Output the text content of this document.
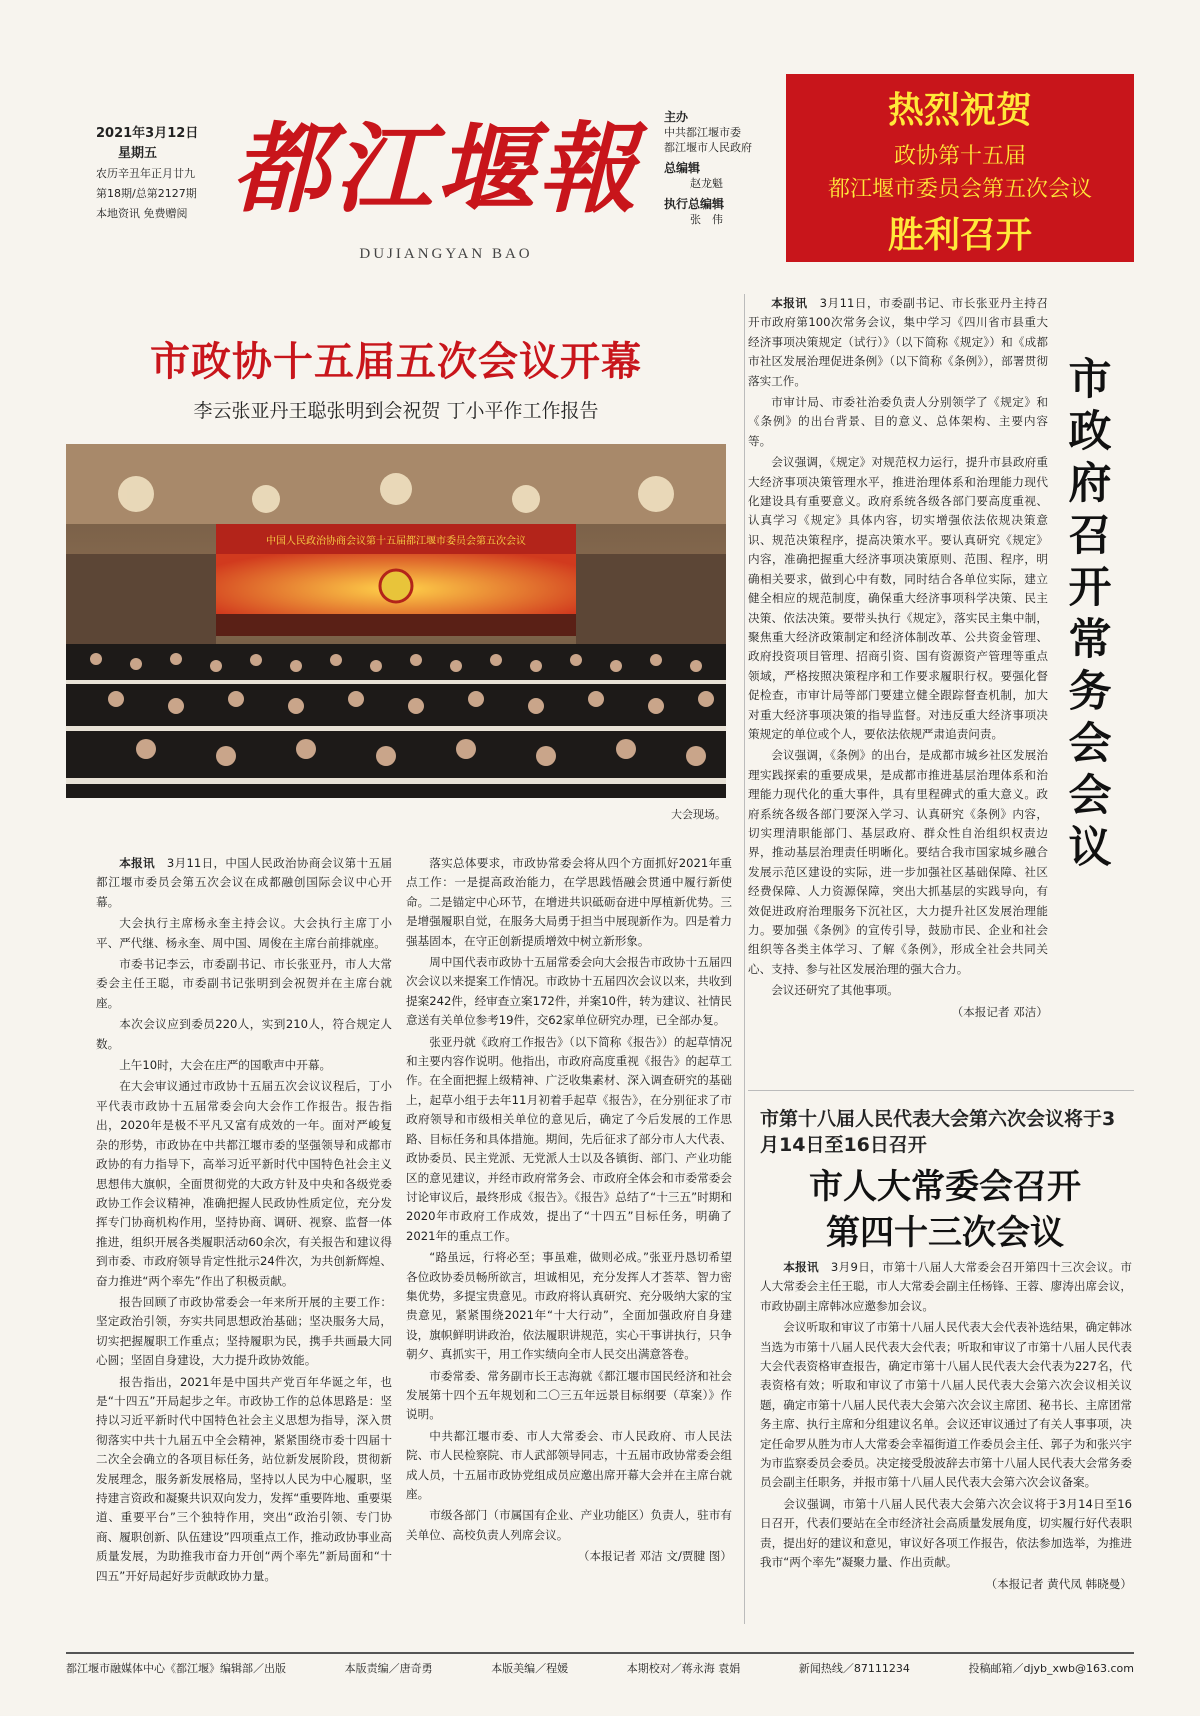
2021年3月12日
星期五
农历辛丑年正月廿九
第18期/总第2127期
本地资讯 免费赠阅 都江堰報
DUJIANGYAN BAO
主办
中共都江堰市委
都江堰市人民政府
总编辑
赵龙魁
执行总编辑
张　伟
热烈祝贺
政协第十五届
都江堰市委员会第五次会议
胜利召开
市政协十五届五次会议开幕
李云张亚丹王聪张明到会祝贺 丁小平作工作报告
中国人民政治协商会议第十五届都江堰市委员会第五次会议
大会现场。

本报讯　 3月11日，中国人民政治协商会议第十五届都江堰市委员会第五次会议在成都融创国际会议中心开幕。

大会执行主席杨永奎主持会议。大会执行主席丁小平、严代继、杨永奎、周中国、周俊在主席台前排就座。

市委书记李云，市委副书记、市长张亚丹，市人大常委会主任王聪，市委副书记张明到会祝贺并在主席台就座。

本次会议应到委员220人，实到210人，符合规定人数。

上午10时，大会在庄严的国歌声中开幕。

在大会审议通过市政协十五届五次会议议程后，丁小平代表市政协十五届常委会向大会作工作报告。报告指出，2020年是极不平凡又富有成效的一年。面对严峻复杂的形势，市政协在中共都江堰市委的坚强领导和成都市政协的有力指导下，高举习近平新时代中国特色社会主义思想伟大旗帜，全面贯彻党的大政方针及中央和各级党委政协工作会议精神，准确把握人民政协性质定位，充分发挥专门协商机构作用，坚持协商、调研、视察、监督一体推进，组织开展各类履职活动60余次，有关报告和建议得到市委、市政府领导肯定性批示24件次，为共创新辉煌、奋力推进“两个率先”作出了积极贡献。

报告回顾了市政协常委会一年来所开展的主要工作：坚定政治引领，夯实共同思想政治基础；坚决服务大局，切实把握履职工作重点；坚持履职为民，携手共画最大同心圆；坚固自身建设，大力提升政协效能。

报告指出，2021年是中国共产党百年华诞之年，也是“十四五”开局起步之年。市政协工作的总体思路是：坚持以习近平新时代中国特色社会主义思想为指导，深入贯彻落实中共十九届五中全会精神，紧紧围绕市委十四届十二次全会确立的各项目标任务，站位新发展阶段，贯彻新发展理念，服务新发展格局，坚持以人民为中心履职，坚持建言资政和凝聚共识双向发力，发挥“重要阵地、重要渠道、重要平台”三个独特作用，突出“政治引领、专门协商、履职创新、队伍建设”四项重点工作，推动政协事业高质量发展，为助推我市奋力开创“两个率先”新局面和“十四五”开好局起好步贡献政协力量。

落实总体要求，市政协常委会将从四个方面抓好2021年重点工作：一是提高政治能力，在学思践悟融会贯通中履行新使命。二是锚定中心环节，在增进共识砥砺奋进中厚植新优势。三是增强履职自觉，在服务大局勇于担当中展现新作为。四是着力强基固本，在守正创新提质增效中树立新形象。

周中国代表市政协十五届常委会向大会报告市政协十五届四次会议以来提案工作情况。市政协十五届四次会议以来，共收到提案242件，经审查立案172件，并案10件，转为建议、社情民意送有关单位参考19件，交62家单位研究办理，已全部办复。

张亚丹就《政府工作报告》（以下简称《报告》）的起草情况和主要内容作说明。他指出，市政府高度重视《报告》的起草工作。在全面把握上级精神、广泛收集素材、深入调查研究的基础上，起草小组于去年11月初着手起草《报告》，在分别征求了市政府领导和市级相关单位的意见后，确定了今后发展的工作思路、目标任务和具体措施。期间，先后征求了部分市人大代表、政协委员、民主党派、无党派人士以及各镇街、部门、产业功能区的意见建议，并经市政府常务会、市政府全体会和市委常委会讨论审议后，最终形成《报告》。《报告》总结了“十三五”时期和2020年市政府工作成效，提出了“十四五”目标任务，明确了2021年的重点工作。

“路虽远，行将必至；事虽难，做则必成。”张亚丹恳切希望各位政协委员畅所欲言，坦诚相见，充分发挥人才荟萃、智力密集优势，多提宝贵意见。市政府将认真研究、充分吸纳大家的宝贵意见，紧紧围绕2021年“十大行动”，全面加强政府自身建设，旗帜鲜明讲政治，依法履职讲规范，实心干事讲执行，只争朝夕、真抓实干，用工作实绩向全市人民交出满意答卷。

市委常委、常务副市长王志海就《都江堰市国民经济和社会发展第十四个五年规划和二〇三五年远景目标纲要（草案）》作说明。

中共都江堰市委、市人大常委会、市人民政府、市人民法院、市人民检察院、市人武部领导同志，十五届市政协常委会组成人员，十五届市政协党组成员应邀出席开幕大会并在主席台就座。

市级各部门（市属国有企业、产业功能区）负责人，驻市有关单位、高校负责人列席会议。

（本报记者 邓洁 文/贾腱 图）

本报讯　 3月11日，市委副书记、市长张亚丹主持召开市政府第100次常务会议，集中学习《四川省市县重大经济事项决策规定（试行）》（以下简称《规定》）和《成都市社区发展治理促进条例》（以下简称《条例》），部署贯彻落实工作。

市审计局、市委社治委负责人分别领学了《规定》和《条例》的出台背景、目的意义、总体架构、主要内容等。

会议强调，《规定》对规范权力运行，提升市县政府重大经济事项决策管理水平，推进治理体系和治理能力现代化建设具有重要意义。政府系统各级各部门要高度重视、认真学习《规定》具体内容，切实增强依法依规决策意识、规范决策程序，提高决策水平。要认真研究《规定》内容，准确把握重大经济事项决策原则、范围、程序，明确相关要求，做到心中有数，同时结合各单位实际，建立健全相应的规范制度，确保重大经济事项科学决策、民主决策、依法决策。要带头执行《规定》，落实民主集中制，聚焦重大经济政策制定和经济体制改革、公共资金管理、政府投资项目管理、招商引资、国有资源资产管理等重点领域，严格按照决策程序和工作要求履职行权。要强化督促检查，市审计局等部门要建立健全跟踪督查机制，加大对重大经济事项决策的指导监督。对违反重大经济事项决策规定的单位或个人，要依法依规严肃追责问责。

会议强调，《条例》的出台，是成都市城乡社区发展治理实践探索的重要成果，是成都市推进基层治理体系和治理能力现代化的重大事件，具有里程碑式的重大意义。政府系统各级各部门要深入学习、认真研究《条例》内容，切实理清职能部门、基层政府、群众性自治组织权责边界，推动基层治理责任明晰化。要结合我市国家城乡融合发展示范区建设的实际，进一步加强社区基础保障、社区经费保障、人力资源保障，突出大抓基层的实践导向，有效促进政府治理服务下沉社区，大力提升社区发展治理能力。要加强《条例》的宣传引导，鼓励市民、企业和社会组织等各类主体学习、了解《条例》，形成全社会共同关心、支持、参与社区发展治理的强大合力。

会议还研究了其他事项。

（本报记者 邓洁）
市政府召开常务会会议
市第十八届人民代表大会第六次会议将于3月14日至16日召开
市人大常委会召开
第四十三次会议

本报讯　 3月9日，市第十八届人大常委会召开第四十三次会议。市人大常委会主任王聪，市人大常委会副主任杨锋、王蓉、廖涛出席会议，市政协副主席韩冰应邀参加会议。

会议听取和审议了市第十八届人民代表大会代表补选结果，确定韩冰当选为市第十八届人民代表大会代表；听取和审议了市第十八届人民代表大会代表资格审查报告，确定市第十八届人民代表大会代表为227名，代表资格有效；听取和审议了市第十八届人民代表大会第六次会议相关议题，确定市第十八届人民代表大会第六次会议主席团、秘书长、主席团常务主席、执行主席和分组建议名单。会议还审议通过了有关人事事项，决定任命罗从胜为市人大常委会幸福街道工作委员会主任、郭子为和张兴宇为市监察委员会委员。决定接受殷波辞去市第十八届人民代表大会常务委员会副主任职务，并报市第十八届人民代表大会第六次会议备案。

会议强调，市第十八届人民代表大会第六次会议将于3月14日至16日召开，代表们要站在全市经济社会高质量发展角度，切实履行好代表职责，提出好的建议和意见，审议好各项工作报告，依法参加选举，为推进我市“两个率先”凝聚力量、作出贡献。

（本报记者 黄代凤 韩晓曼）
都江堰市融媒体中心《都江堰》编辑部／出版	本版责编／唐奇勇	本版美编／程媛	本期校对／蒋永海 袁娟	新闻热线／87111234	投稿邮箱／djyb_xwb@163.com
